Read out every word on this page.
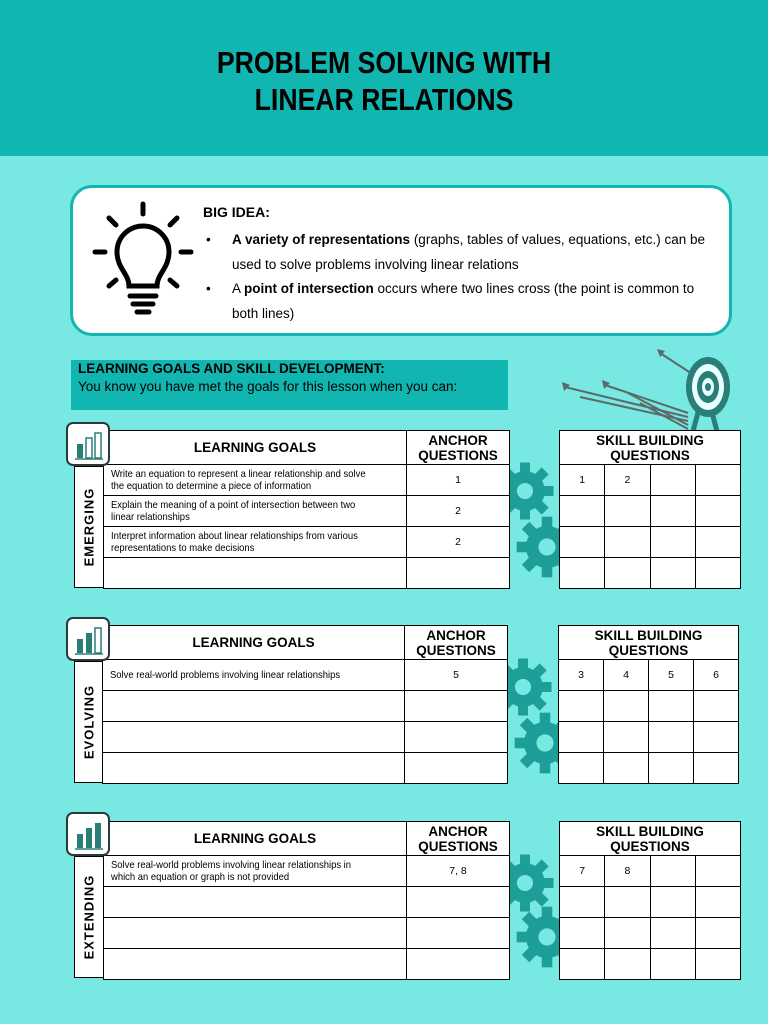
PROBLEM SOLVING WITH
LINEAR RELATIONS
BIG IDEA:
• A variety of representations (graphs, tables of values, equations, etc.) can be used to solve problems involving linear relations
• A point of intersection occurs where two lines cross (the point is common to both lines)
LEARNING GOALS AND SKILL DEVELOPMENT:
You know you have met the goals for this lesson when you can:
EMERGING
LEARNING GOALS	ANCHOR
QUESTIONS

Write an equation to represent a linear relationship and solve
the equation to determine a piece of information	1
Explain the meaning of a point of intersection between two
linear relationships	2
Interpret information about linear relationships from various
representations to make decisions	2

SKILL BUILDING
QUESTIONS			

1	2		

EVOLVING
LEARNING GOALS	ANCHOR
QUESTIONS

Solve real-world problems involving linear relationships	5

SKILL BUILDING
QUESTIONS			

3	4	5	6

EXTENDING
LEARNING GOALS	ANCHOR
QUESTIONS

Solve real-world problems involving linear relationships in
which an equation or graph is not provided	7, 8

SKILL BUILDING
QUESTIONS			

7	8		
